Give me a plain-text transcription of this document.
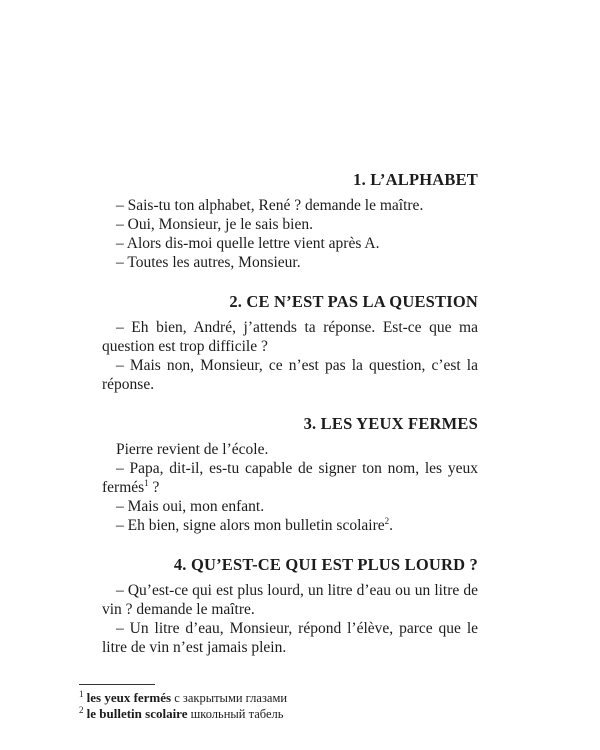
1. L’ALPHABET

– Sais-tu ton alphabet, René ? demande le maître.

– Oui, Monsieur, je le sais bien.

– Alors dis-moi quelle lettre vient après A.

– Toutes les autres, Monsieur.

2. CE N’EST PAS LA QUESTION

– Eh bien, André, j’attends ta réponse. Est-ce que ma question est trop difficile ?

– Mais non, Monsieur, ce n’est pas la question, c’est la réponse.

3. LES YEUX FERMES

Pierre revient de l’école.

– Papa, dit-il, es-tu capable de signer ton nom, les yeux fermés$^1$ ?

– Mais oui, mon enfant.

– Eh bien, signe alors mon bulletin scolaire$^2$.

4. QU’EST-CE QUI EST PLUS LOURD ?

– Qu’est-ce qui est plus lourd, un litre d’eau ou un litre de vin ? demande le maître.

– Un litre d’eau, Monsieur, répond l’élève, parce que le litre de vin n’est jamais plein.

$^1$ les yeux fermés с закрытыми глазами

$^2$ le bulletin scolaire школьный табель
